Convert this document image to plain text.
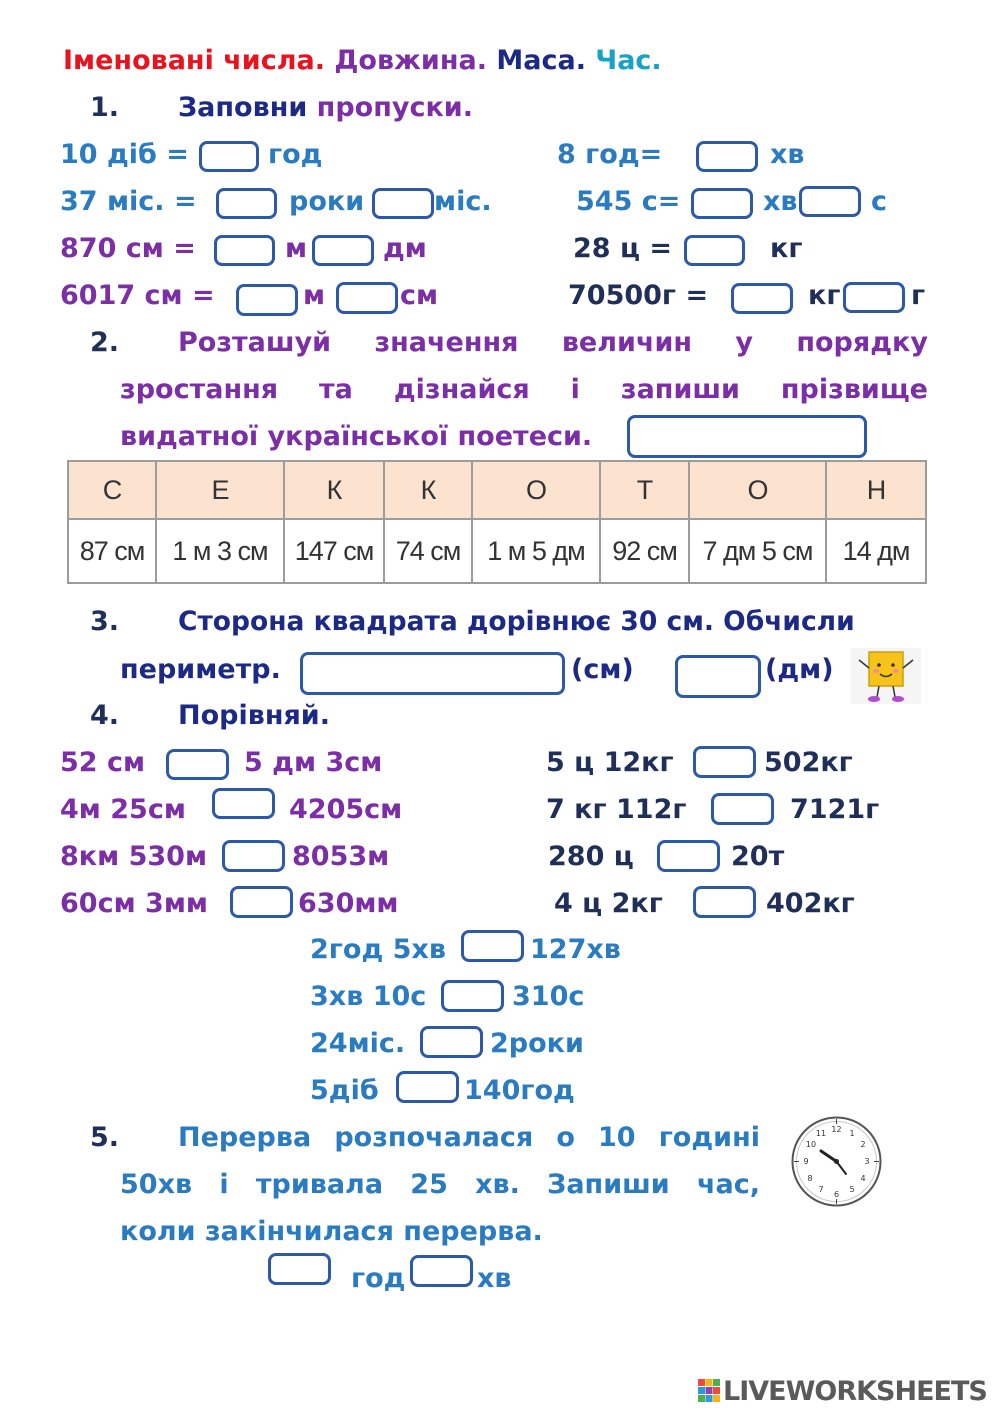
Іменовані числа. Довжина. Маса. Час.
1. Заповни пропуски.
10 діб =	год	8 год=	хв
37 міс. =	роки	міс.	545 с=	хв	с
870 см =	м	дм	28 ц =	кг
6017 см =	м	см	70500г =	кг	г
2. Розташуй значення величин у порядку
зростання та дізнайся і запиши прізвище
видатної української поетеси.
С	Е	К	К	О	Т	О	Н
87 см	1 м 3 см	147 см	74 см	1 м 5 дм	92 см	7 дм 5 см	14 дм
3. Сторона квадрата дорівнює 30 см. Обчисли
периметр.	(см)	(дм)
4. Порівняй.
52 см	5 дм 3см
4м 25см	4205см
8км 530м	8053м
60см 3мм	630мм
5 ц 12кг	502кг
7 кг 112г	7121г
280 ц	20т
4 ц 2кг	402кг
2год 5хв	127хв
3хв 10с	310с
24міс.	2роки
5діб	140год
5. Перерва розпочалася о 10 годині
50хв і тривала 25 хв. Запиши час,
коли закінчилася перерва.
год	хв
12 1
2
3
4
5
6
7
8
9
10
11
LIVEWORKSHEETS
